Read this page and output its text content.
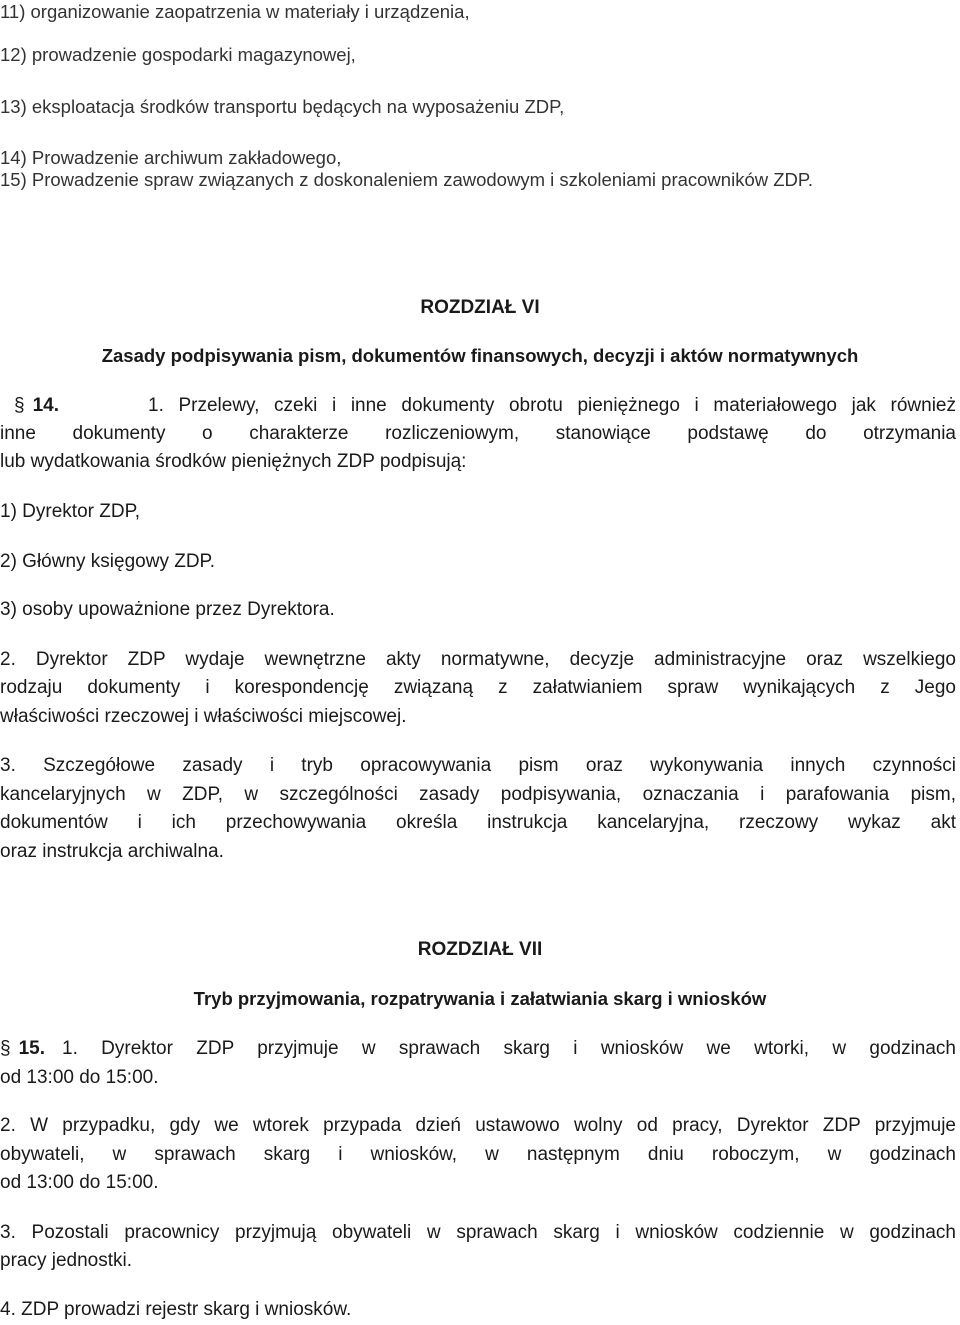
11) organizowanie zaopatrzenia w materiały i urządzenia,
12) prowadzenie gospodarki magazynowej,
13) eksploatacja środków transportu będących na wyposażeniu ZDP,
14) Prowadzenie archiwum zakładowego,
15) Prowadzenie spraw związanych z doskonaleniem zawodowym i szkoleniami pracowników ZDP.
ROZDZIAŁ VI
Zasady podpisywania pism, dokumentów finansowych, decyzji i aktów normatywnych
§ 14.	1. Przelewy, czeki i inne dokumenty obrotu pieniężnego i materiałowego jak również
inne dokumenty o charakterze rozliczeniowym, stanowiące podstawę do otrzymania
lub wydatkowania środków pieniężnych ZDP podpisują:
1) Dyrektor ZDP,
2) Główny księgowy ZDP.
3) osoby upoważnione przez Dyrektora.
2. Dyrektor ZDP wydaje wewnętrzne akty normatywne, decyzje administracyjne oraz wszelkiego
rodzaju dokumenty i korespondencję związaną z załatwianiem spraw wynikających z Jego
właściwości rzeczowej i właściwości miejscowej.
3. Szczegółowe zasady i tryb opracowywania pism oraz wykonywania innych czynności
kancelaryjnych w ZDP, w szczególności zasady podpisywania, oznaczania i parafowania pism,
dokumentów i ich przechowywania określa instrukcja kancelaryjna, rzeczowy wykaz akt
oraz instrukcja archiwalna.
ROZDZIAŁ VII
Tryb przyjmowania, rozpatrywania i załatwiania skarg i wniosków
§ 15. 1. Dyrektor ZDP przyjmuje w sprawach skarg i wniosków we wtorki, w godzinach
od 13:00 do 15:00.
2. W przypadku, gdy we wtorek przypada dzień ustawowo wolny od pracy, Dyrektor ZDP przyjmuje
obywateli, w sprawach skarg i wniosków, w następnym dniu roboczym, w godzinach
od 13:00 do 15:00.
3. Pozostali pracownicy przyjmują obywateli w sprawach skarg i wniosków codziennie w godzinach
pracy jednostki.
4. ZDP prowadzi rejestr skarg i wniosków.
